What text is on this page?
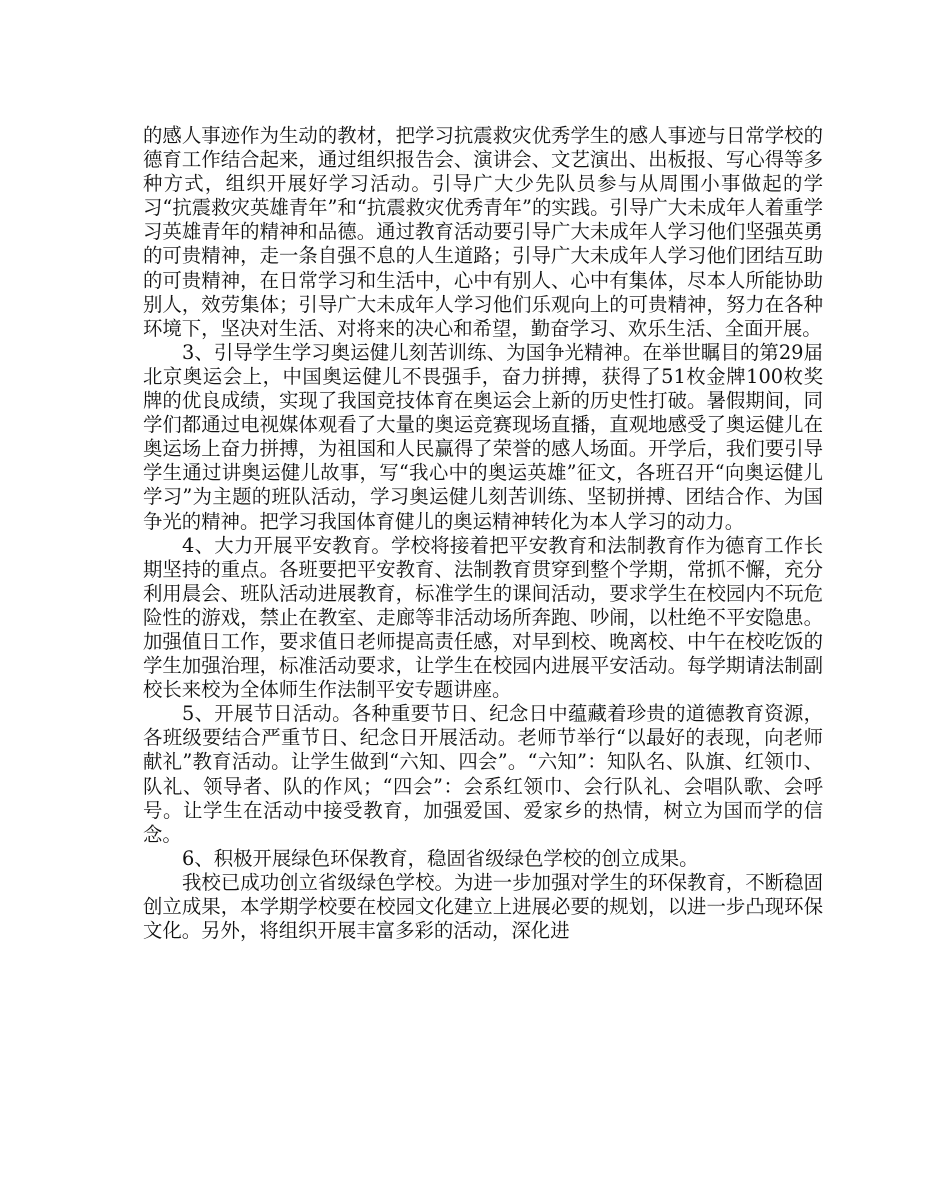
的感人事迹作为生动的教材，把学习抗震救灾优秀学生的感人事迹与日常学校的德育工作结合起来，通过组织报告会、演讲会、文艺演出、出板报、写心得等多种方式，组织开展好学习活动。引导广大少先队员参与从周围小事做起的学习“抗震救灾英雄青年”和“抗震救灾优秀青年”的实践。引导广大未成年人着重学习英雄青年的精神和品德。通过教育活动要引导广大未成年人学习他们坚强英勇的可贵精神，走一条自强不息的人生道路；引导广大未成年人学习他们团结互助的可贵精神，在日常学习和生活中，心中有别人、心中有集体，尽本人所能协助别人，效劳集体；引导广大未成年人学习他们乐观向上的可贵精神，努力在各种环境下，坚决对生活、对将来的决心和希望，勤奋学习、欢乐生活、全面开展。

3、引导学生学习奥运健儿刻苦训练、为国争光精神。在举世瞩目的第29届北京奥运会上，中国奥运健儿不畏强手，奋力拼搏，获得了51枚金牌100枚奖牌的优良成绩，实现了我国竞技体育在奥运会上新的历史性打破。暑假期间，同学们都通过电视媒体观看了大量的奥运竞赛现场直播，直观地感受了奥运健儿在奥运场上奋力拼搏，为祖国和人民赢得了荣誉的感人场面。开学后，我们要引导学生通过讲奥运健儿故事，写“我心中的奥运英雄”征文，各班召开“向奥运健儿学习”为主题的班队活动，学习奥运健儿刻苦训练、坚韧拼搏、团结合作、为国争光的精神。把学习我国体育健儿的奥运精神转化为本人学习的动力。

4、大力开展平安教育。学校将接着把平安教育和法制教育作为德育工作长期坚持的重点。各班要把平安教育、法制教育贯穿到整个学期，常抓不懈，充分利用晨会、班队活动进展教育，标准学生的课间活动，要求学生在校园内不玩危险性的游戏，禁止在教室、走廊等非活动场所奔跑、吵闹，以杜绝不平安隐患。加强值日工作，要求值日老师提高责任感，对早到校、晚离校、中午在校吃饭的学生加强治理，标准活动要求，让学生在校园内进展平安活动。每学期请法制副校长来校为全体师生作法制平安专题讲座。

5、开展节日活动。各种重要节日、纪念日中蕴藏着珍贵的道德教育资源，各班级要结合严重节日、纪念日开展活动。老师节举行“以最好的表现，向老师献礼”教育活动。让学生做到“六知、四会”。“六知”：知队名、队旗、红领巾、队礼、领导者、队的作风；“四会”：会系红领巾、会行队礼、会唱队歌、会呼号。让学生在活动中接受教育，加强爱国、爱家乡的热情，树立为国而学的信念。

6、积极开展绿色环保教育，稳固省级绿色学校的创立成果。

我校已成功创立省级绿色学校。为进一步加强对学生的环保教育，不断稳固创立成果，本学期学校要在校园文化建立上进展必要的规划，以进一步凸现环保文化。另外，将组织开展丰富多彩的活动，深化进
